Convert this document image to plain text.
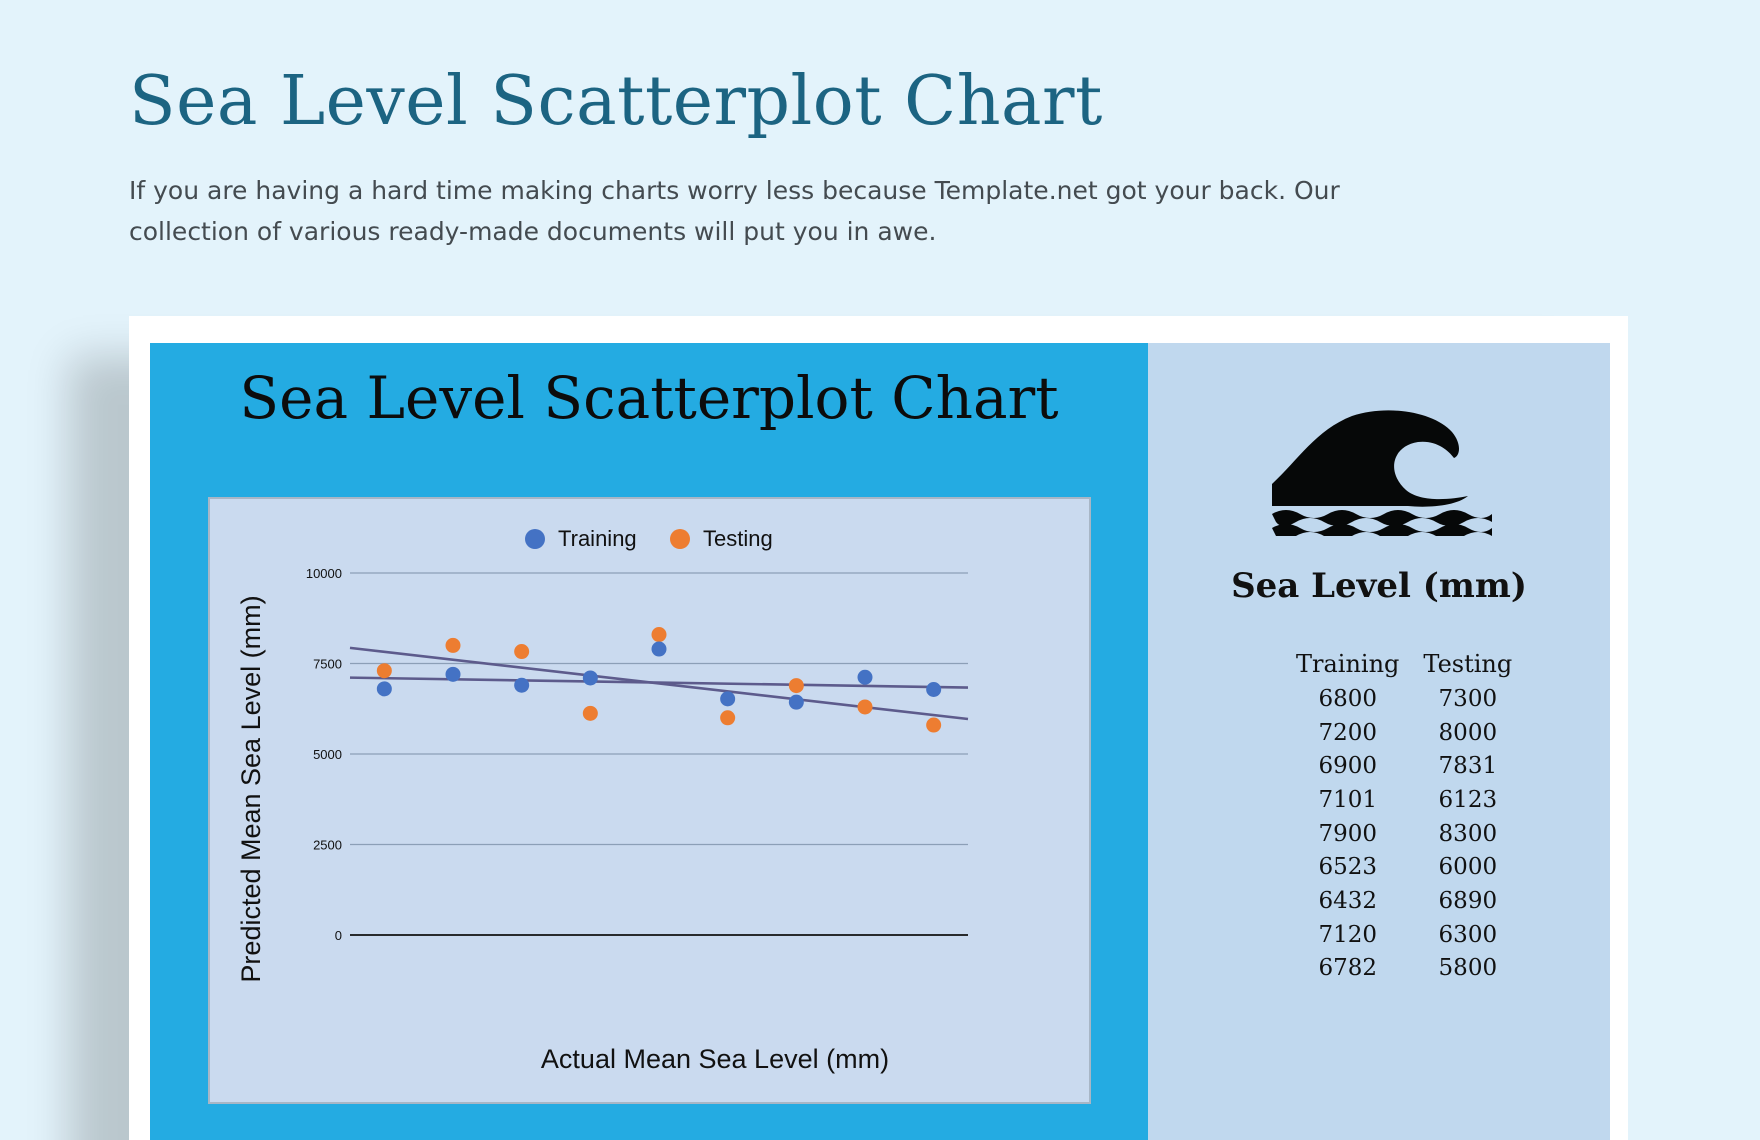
Sea Level Scatterplot Chart

If you are having a hard time making charts worry less because Template.net got your back. Our collection of various ready-made documents will put you in awe.

Sea Level Scatterplot Chart
Training	Testing
0
2500
5000
7500
10000
Actual Mean Sea Level (mm)
Predicted Mean Sea Level (mm)
Sea Level (mm)
Training	Testing
6800	7300
7200	8000
6900	7831
7101	6123
7900	8300
6523	6000
6432	6890
7120	6300
6782	5800
